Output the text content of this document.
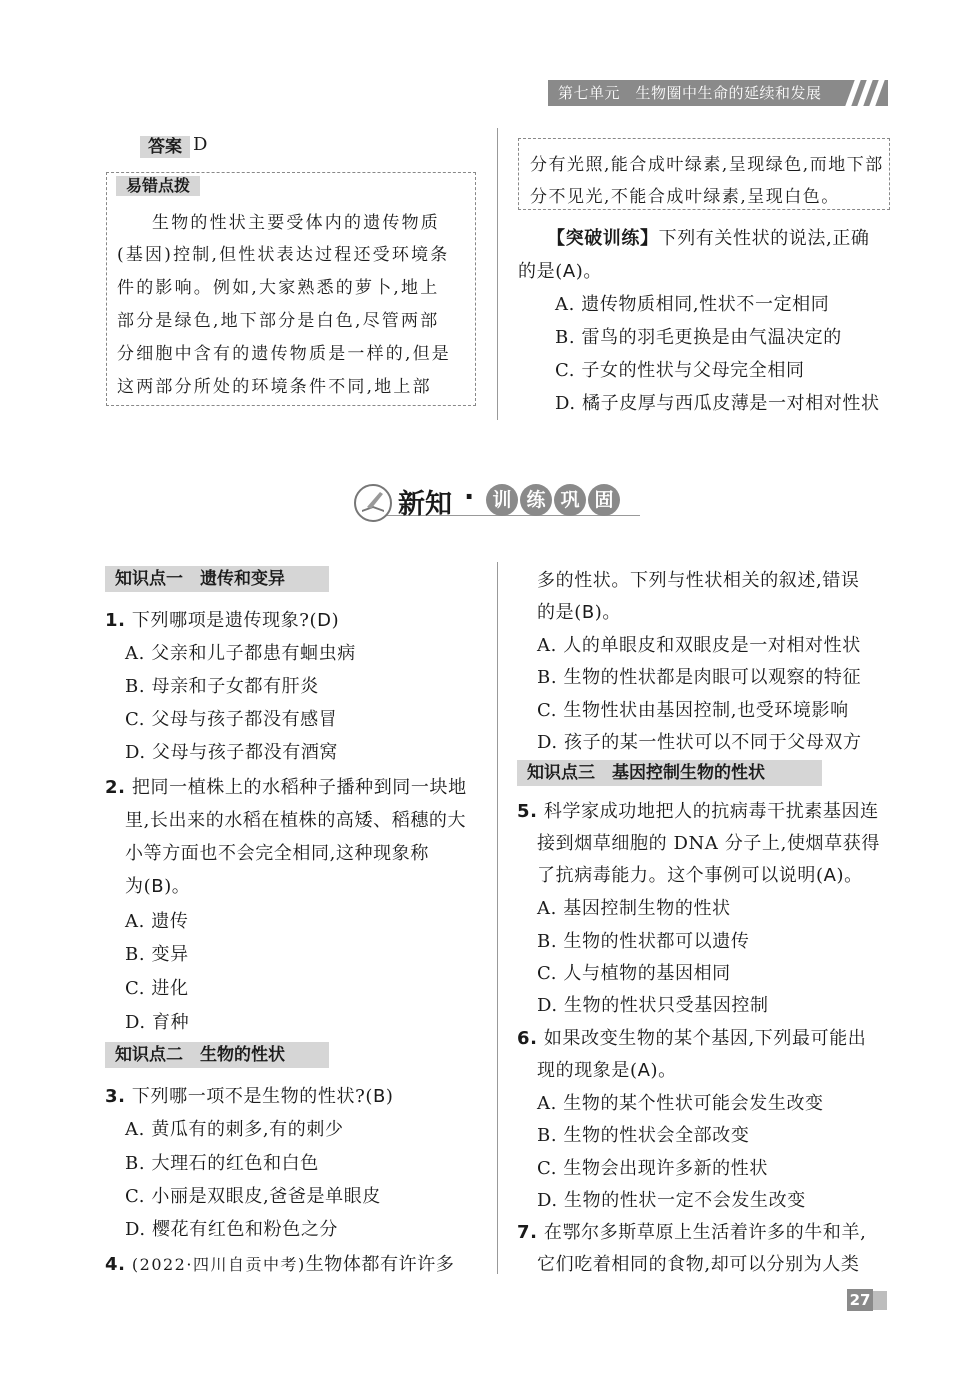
第七单元　生物圈中生命的延续和发展
答案 D
易错点拨
生物的性状主要受体内的遗传物质
(基因)控制,但性状表达过程还受环境条
件的影响。例如,大家熟悉的萝卜,地上
部分是绿色,地下部分是白色,尽管两部
分细胞中含有的遗传物质是一样的,但是
这两部分所处的环境条件不同,地上部
分有光照,能合成叶绿素,呈现绿色,而地下部
分不见光,不能合成叶绿素,呈现白色。
【突破训练】下列有关性状的说法,正确
的是(A)。
A. 遗传物质相同,性状不一定相同
B. 雷鸟的羽毛更换是由气温决定的
C. 子女的性状与父母完全相同
D. 橘子皮厚与西瓜皮薄是一对相对性状
新知 · 训 练 巩 固
知识点一　遗传和变异
1. 下列哪项是遗传现象?(D)
A. 父亲和儿子都患有蛔虫病
B. 母亲和子女都有肝炎
C. 父母与孩子都没有感冒
D. 父母与孩子都没有酒窝
2. 把同一植株上的水稻种子播种到同一块地
里,长出来的水稻在植株的高矮、稻穗的大
小等方面也不会完全相同,这种现象称
为(B)。
A. 遗传
B. 变异
C. 进化
D. 育种
知识点二　生物的性状
3. 下列哪一项不是生物的性状?(B)
A. 黄瓜有的刺多,有的刺少
B. 大理石的红色和白色
C. 小丽是双眼皮,爸爸是单眼皮
D. 樱花有红色和粉色之分
4. (2022·四川自贡中考)生物体都有许许多
多的性状。下列与性状相关的叙述,错误
的是(B)。
A. 人的单眼皮和双眼皮是一对相对性状
B. 生物的性状都是肉眼可以观察的特征
C. 生物性状由基因控制,也受环境影响
D. 孩子的某一性状可以不同于父母双方
知识点三　基因控制生物的性状
5. 科学家成功地把人的抗病毒干扰素基因连
接到烟草细胞的 DNA 分子上,使烟草获得
了抗病毒能力。这个事例可以说明(A)。
A. 基因控制生物的性状
B. 生物的性状都可以遗传
C. 人与植物的基因相同
D. 生物的性状只受基因控制
6. 如果改变生物的某个基因,下列最可能出
现的现象是(A)。
A. 生物的某个性状可能会发生改变
B. 生物的性状会全部改变
C. 生物会出现许多新的性状
D. 生物的性状一定不会发生改变
7. 在鄂尔多斯草原上生活着许多的牛和羊,
它们吃着相同的食物,却可以分别为人类
27
